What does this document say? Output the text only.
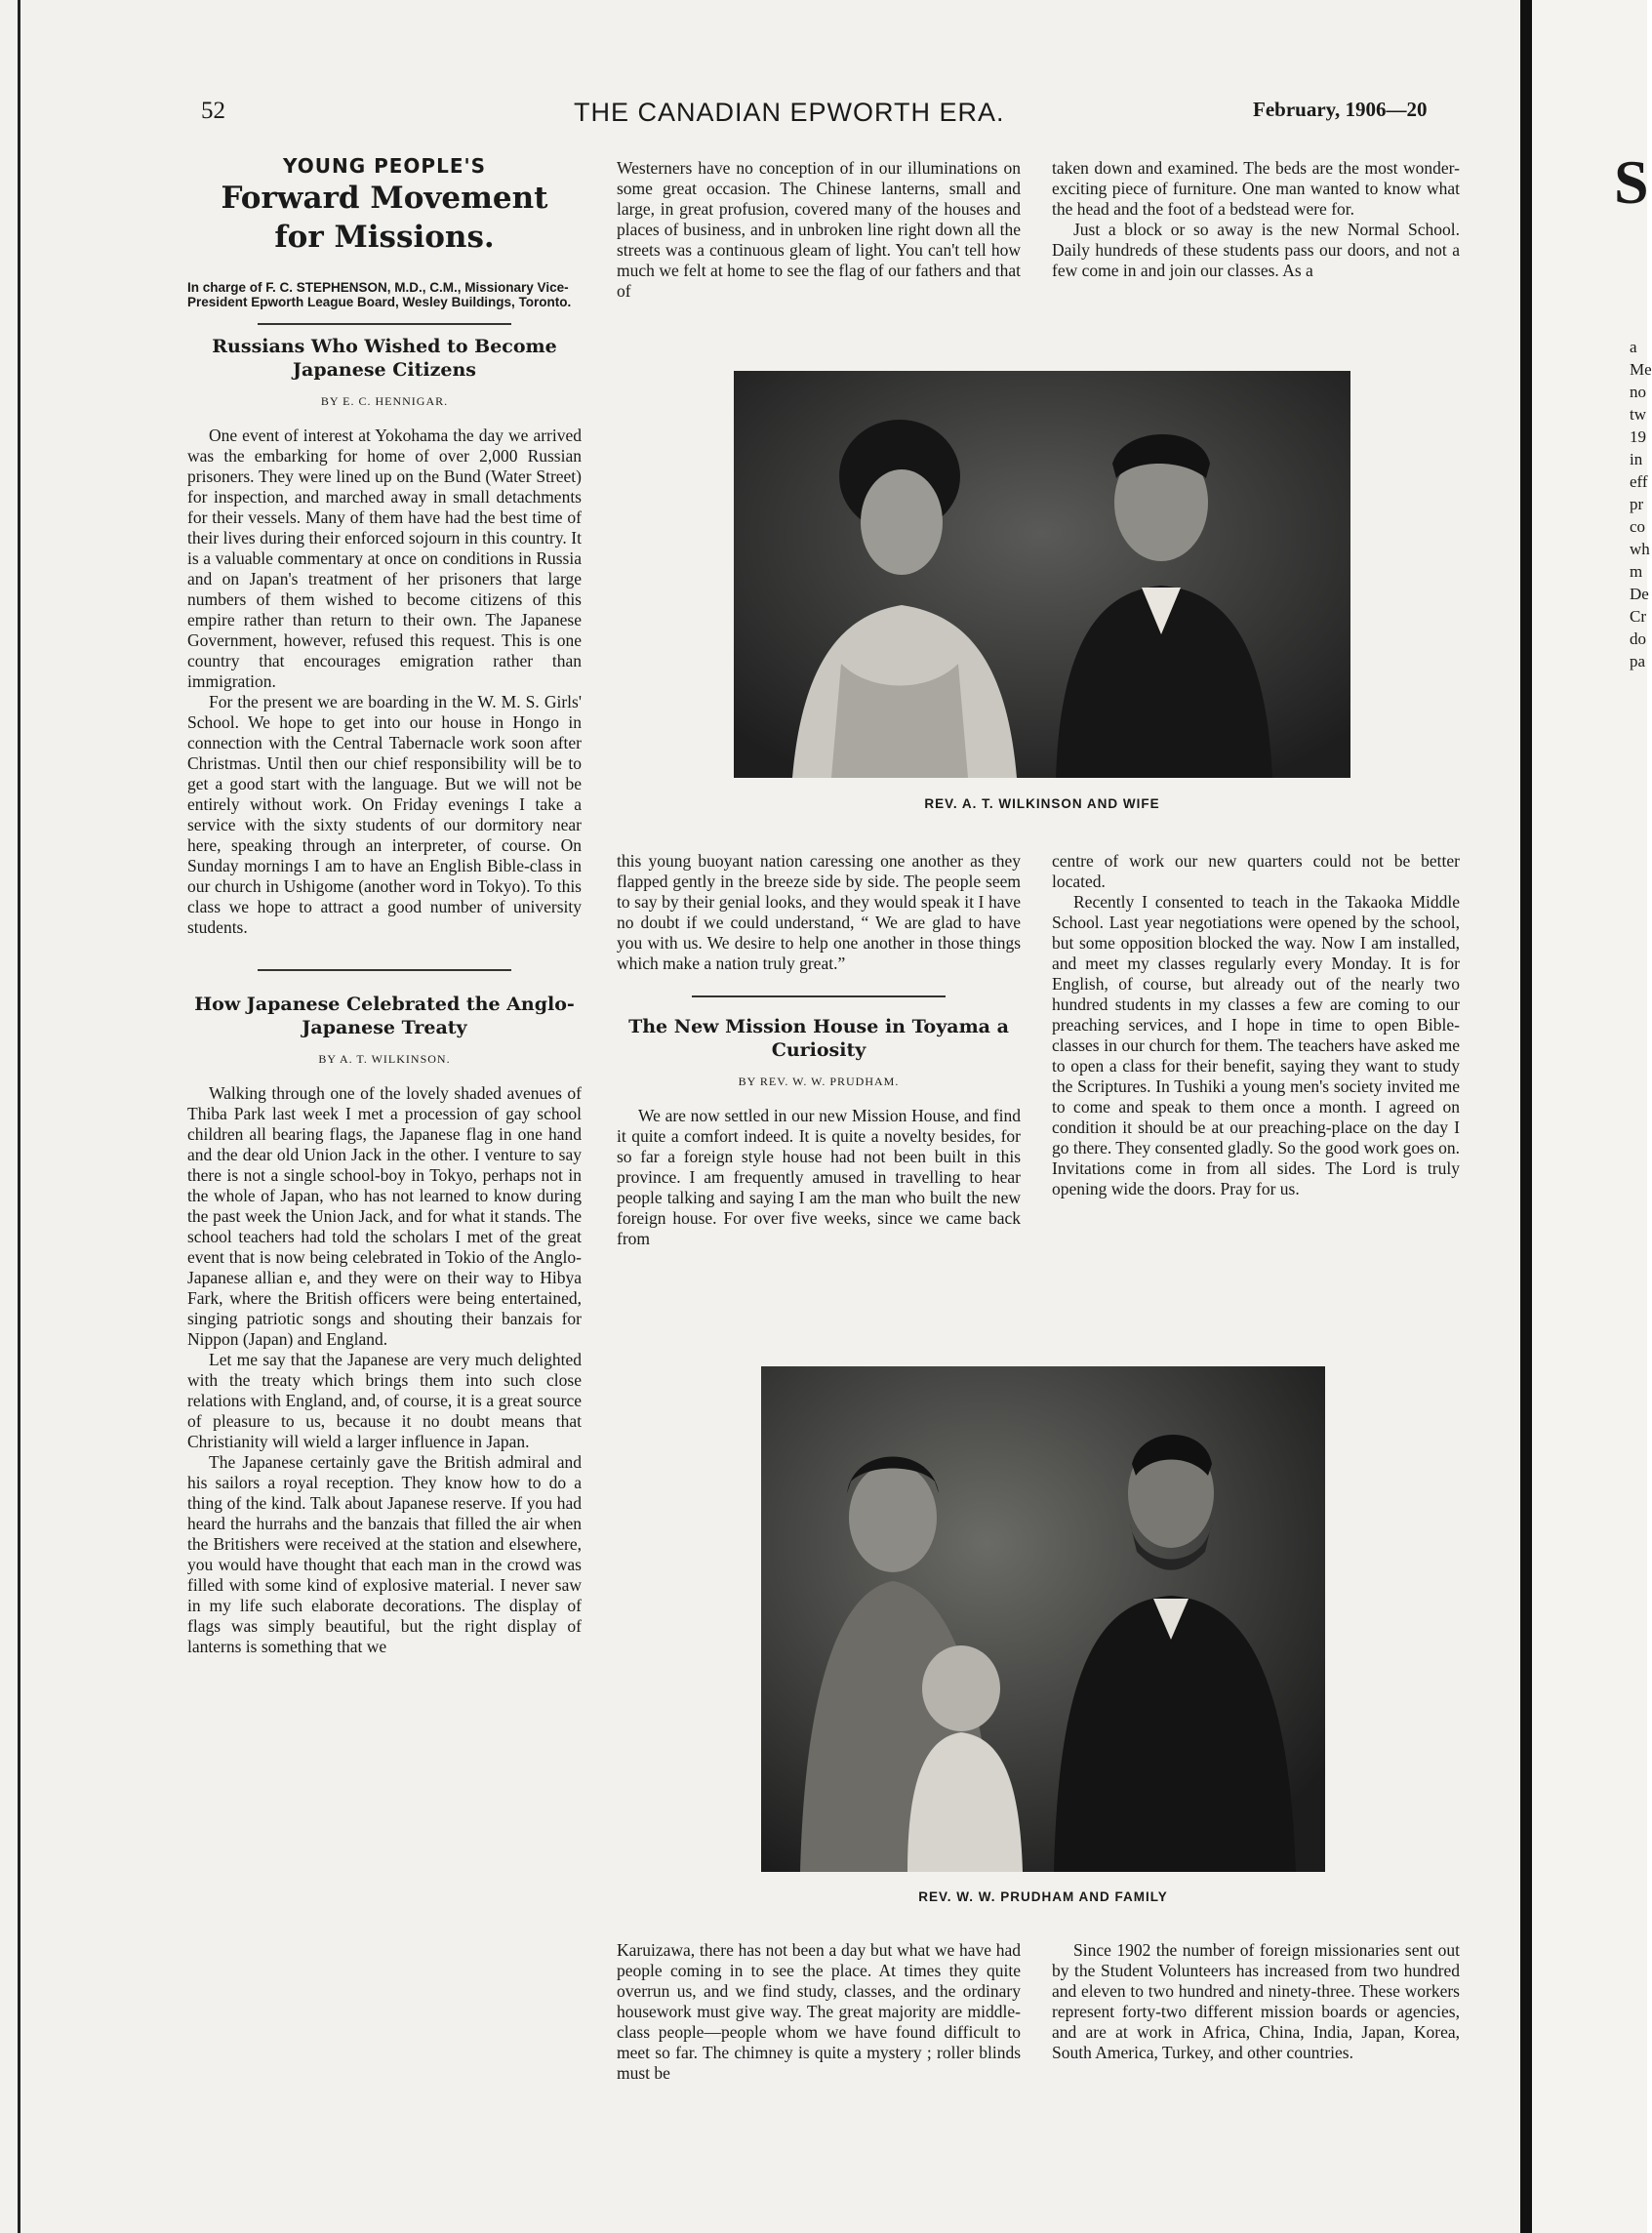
52	THE CANADIAN EPWORTH ERA.	February, 1906—20
YOUNG PEOPLE'S
Forward Movement
for Missions.
In charge of F. C. STEPHENSON, M.D., C.M., Missionary Vice-President Epworth League Board, Wesley Buildings, Toronto.
Russians Who Wished to Become Japanese Citizens
BY E. C. HENNIGAR.

One event of interest at Yokohama the day we arrived was the embarking for home of over 2,000 Russian prisoners. They were lined up on the Bund (Water Street) for inspection, and marched away in small detachments for their vessels. Many of them have had the best time of their lives during their enforced sojourn in this country. It is a valuable commentary at once on conditions in Russia and on Japan's treatment of her prisoners that large numbers of them wished to become citizens of this empire rather than return to their own. The Japanese Government, however, refused this request. This is one country that encourages emigration rather than immigration.

For the present we are boarding in the W. M. S. Girls' School. We hope to get into our house in Hongo in connection with the Central Tabernacle work soon after Christmas. Until then our chief responsibility will be to get a good start with the language. But we will not be entirely without work. On Friday evenings I take a service with the sixty students of our dormitory near here, speaking through an interpreter, of course. On Sunday mornings I am to have an English Bible-class in our church in Ushigome (another word in Tokyo). To this class we hope to attract a good number of university students.

How Japanese Celebrated the Anglo-Japanese Treaty
BY A. T. WILKINSON.

Walking through one of the lovely shaded avenues of Thiba Park last week I met a procession of gay school children all bearing flags, the Japanese flag in one hand and the dear old Union Jack in the other. I venture to say there is not a single school-boy in Tokyo, perhaps not in the whole of Japan, who has not learned to know during the past week the Union Jack, and for what it stands. The school teachers had told the scholars I met of the great event that is now being celebrated in Tokio of the Anglo-Japanese allian e, and they were on their way to Hibya Fark, where the British officers were being entertained, singing patriotic songs and shouting their banzais for Nippon (Japan) and England.

Let me say that the Japanese are very much delighted with the treaty which brings them into such close relations with England, and, of course, it is a great source of pleasure to us, because it no doubt means that Christianity will wield a larger influence in Japan.

The Japanese certainly gave the British admiral and his sailors a royal reception. They know how to do a thing of the kind. Talk about Japanese reserve. If you had heard the hurrahs and the banzais that filled the air when the Britishers were received at the station and elsewhere, you would have thought that each man in the crowd was filled with some kind of explosive material. I never saw in my life such elaborate decorations. The display of flags was simply beautiful, but the right display of lanterns is something that we

Westerners have no conception of in our illuminations on some great occasion. The Chinese lanterns, small and large, in great profusion, covered many of the houses and places of business, and in unbroken line right down all the streets was a continuous gleam of light. You can't tell how much we felt at home to see the flag of our fathers and that of

taken down and examined. The beds are the most wonder-exciting piece of furniture. One man wanted to know what the head and the foot of a bedstead were for.

Just a block or so away is the new Normal School. Daily hundreds of these students pass our doors, and not a few come in and join our classes. As a

REV. A. T. WILKINSON AND WIFE

this young buoyant nation caressing one another as they flapped gently in the breeze side by side. The people seem to say by their genial looks, and they would speak it I have no doubt if we could understand, “ We are glad to have you with us. We desire to help one another in those things which make a nation truly great.”

The New Mission House in Toyama a Curiosity
BY REV. W. W. PRUDHAM.

We are now settled in our new Mission House, and find it quite a comfort indeed. It is quite a novelty besides, for so far a foreign style house had not been built in this province. I am frequently amused in travelling to hear people talking and saying I am the man who built the new foreign house. For over five weeks, since we came back from

centre of work our new quarters could not be better located.

Recently I consented to teach in the Takaoka Middle School. Last year negotiations were opened by the school, but some opposition blocked the way. Now I am installed, and meet my classes regularly every Monday. It is for English, of course, but already out of the nearly two hundred students in my classes a few are coming to our preaching services, and I hope in time to open Bible-classes in our church for them. The teachers have asked me to open a class for their benefit, saying they want to study the Scriptures. In Tushiki a young men's society invited me to come and speak to them once a month. I agreed on condition it should be at our preaching-place on the day I go there. They consented gladly. So the good work goes on. Invitations come in from all sides. The Lord is truly opening wide the doors. Pray for us.

REV. W. W. PRUDHAM AND FAMILY

Karuizawa, there has not been a day but what we have had people coming in to see the place. At times they quite overrun us, and we find study, classes, and the ordinary housework must give way. The great majority are middle-class people—people whom we have found difficult to meet so far. The chimney is quite a mystery ; roller blinds must be

Since 1902 the number of foreign missionaries sent out by the Student Volunteers has increased from two hundred and eleven to two hundred and ninety-three. These workers represent forty-two different mission boards or agencies, and are at work in Africa, China, India, Japan, Korea, South America, Turkey, and other countries.

S
a
Me
no
tw
19
in
eff
pr
co
wh
m
De
Cr
do
pa
